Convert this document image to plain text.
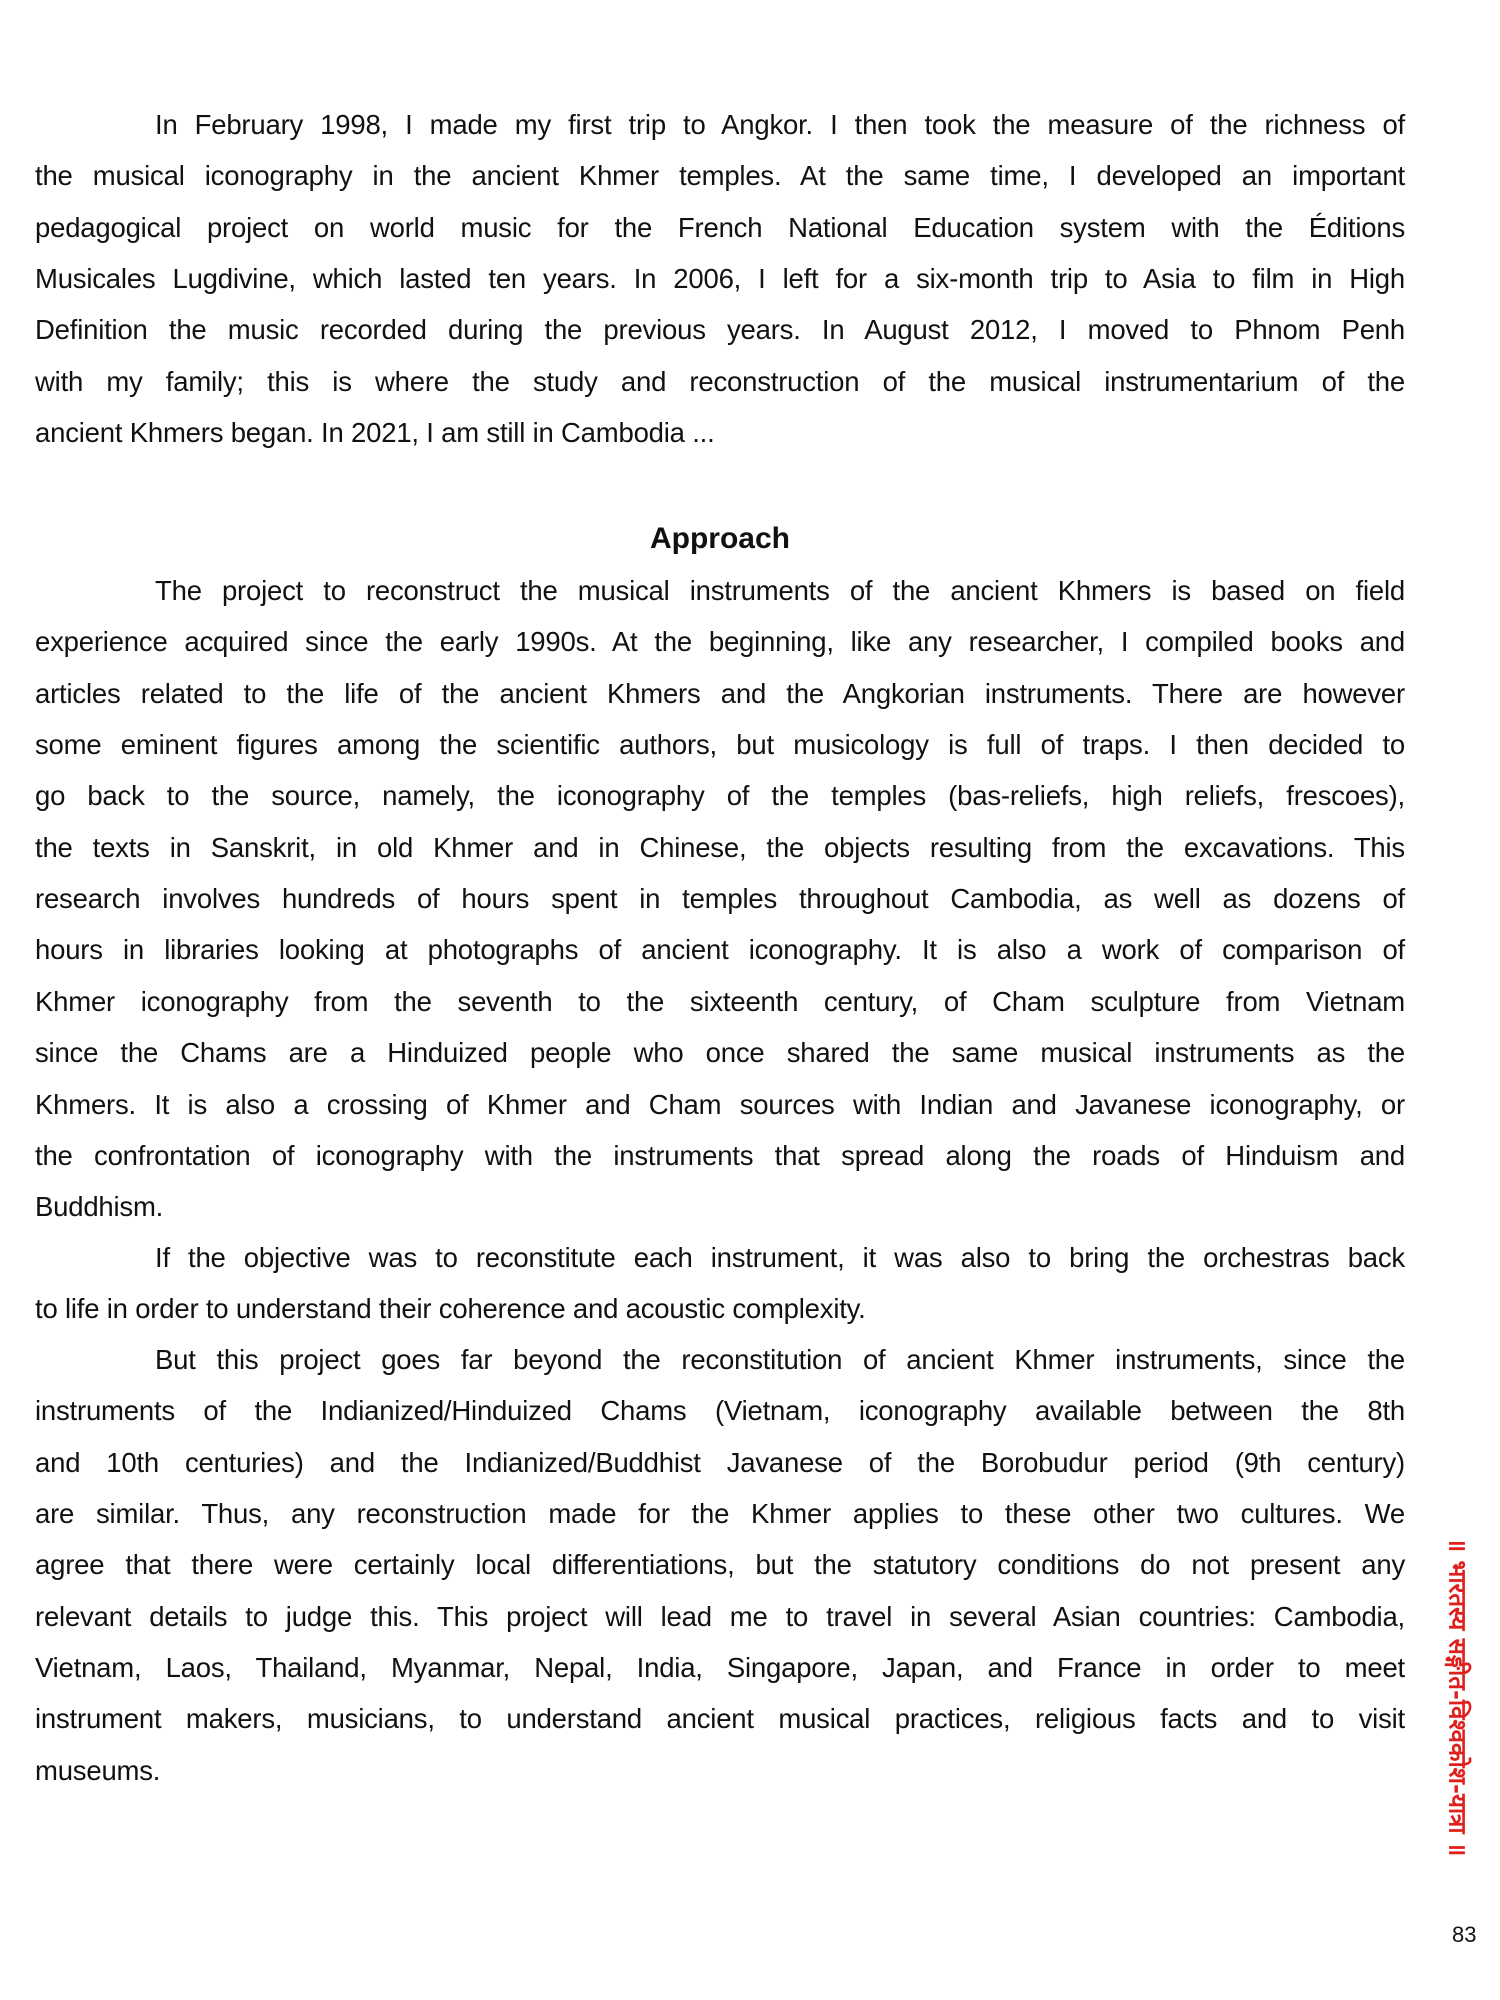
In February 1998, I made my first trip to Angkor. I then took the measure of the richness of
the musical iconography in the ancient Khmer temples. At the same time, I developed an important
pedagogical project on world music for the French National Education system with the Éditions
Musicales Lugdivine, which lasted ten years. In 2006, I left for a six-month trip to Asia to film in High
Definition the music recorded during the previous years. In August 2012, I moved to Phnom Penh
with my family; this is where the study and reconstruction of the musical instrumentarium of the
ancient Khmers began. In 2021, I am still in Cambodia ...
The project to reconstruct the musical instruments of the ancient Khmers is based on field
experience acquired since the early 1990s. At the beginning, like any researcher, I compiled books and
articles related to the life of the ancient Khmers and the Angkorian instruments. There are however
some eminent figures among the scientific authors, but musicology is full of traps. I then decided to
go back to the source, namely, the iconography of the temples (bas-reliefs, high reliefs, frescoes),
the texts in Sanskrit, in old Khmer and in Chinese, the objects resulting from the excavations. This
research involves hundreds of hours spent in temples throughout Cambodia, as well as dozens of
hours in libraries looking at photographs of ancient iconography. It is also a work of comparison of
Khmer iconography from the seventh to the sixteenth century, of Cham sculpture from Vietnam
since the Chams are a Hinduized people who once shared the same musical instruments as the
Khmers. It is also a crossing of Khmer and Cham sources with Indian and Javanese iconography, or
the confrontation of iconography with the instruments that spread along the roads of Hinduism and
Buddhism.
If the objective was to reconstitute each instrument, it was also to bring the orchestras back
to life in order to understand their coherence and acoustic complexity.
But this project goes far beyond the reconstitution of ancient Khmer instruments, since the
instruments of the Indianized/Hinduized Chams (Vietnam, iconography available between the 8th
and 10th centuries) and the Indianized/Buddhist Javanese of the Borobudur period (9th century)
are similar. Thus, any reconstruction made for the Khmer applies to these other two cultures. We
agree that there were certainly local differentiations, but the statutory conditions do not present any
relevant details to judge this. This project will lead me to travel in several Asian countries: Cambodia,
Vietnam, Laos, Thailand, Myanmar, Nepal, India, Singapore, Japan, and France in order to meet
instrument makers, musicians, to understand ancient musical practices, religious facts and to visit
museums.
Approach
॥ भारतस्य सङ्गीत-विश्वकोश-यात्रा ॥
83
